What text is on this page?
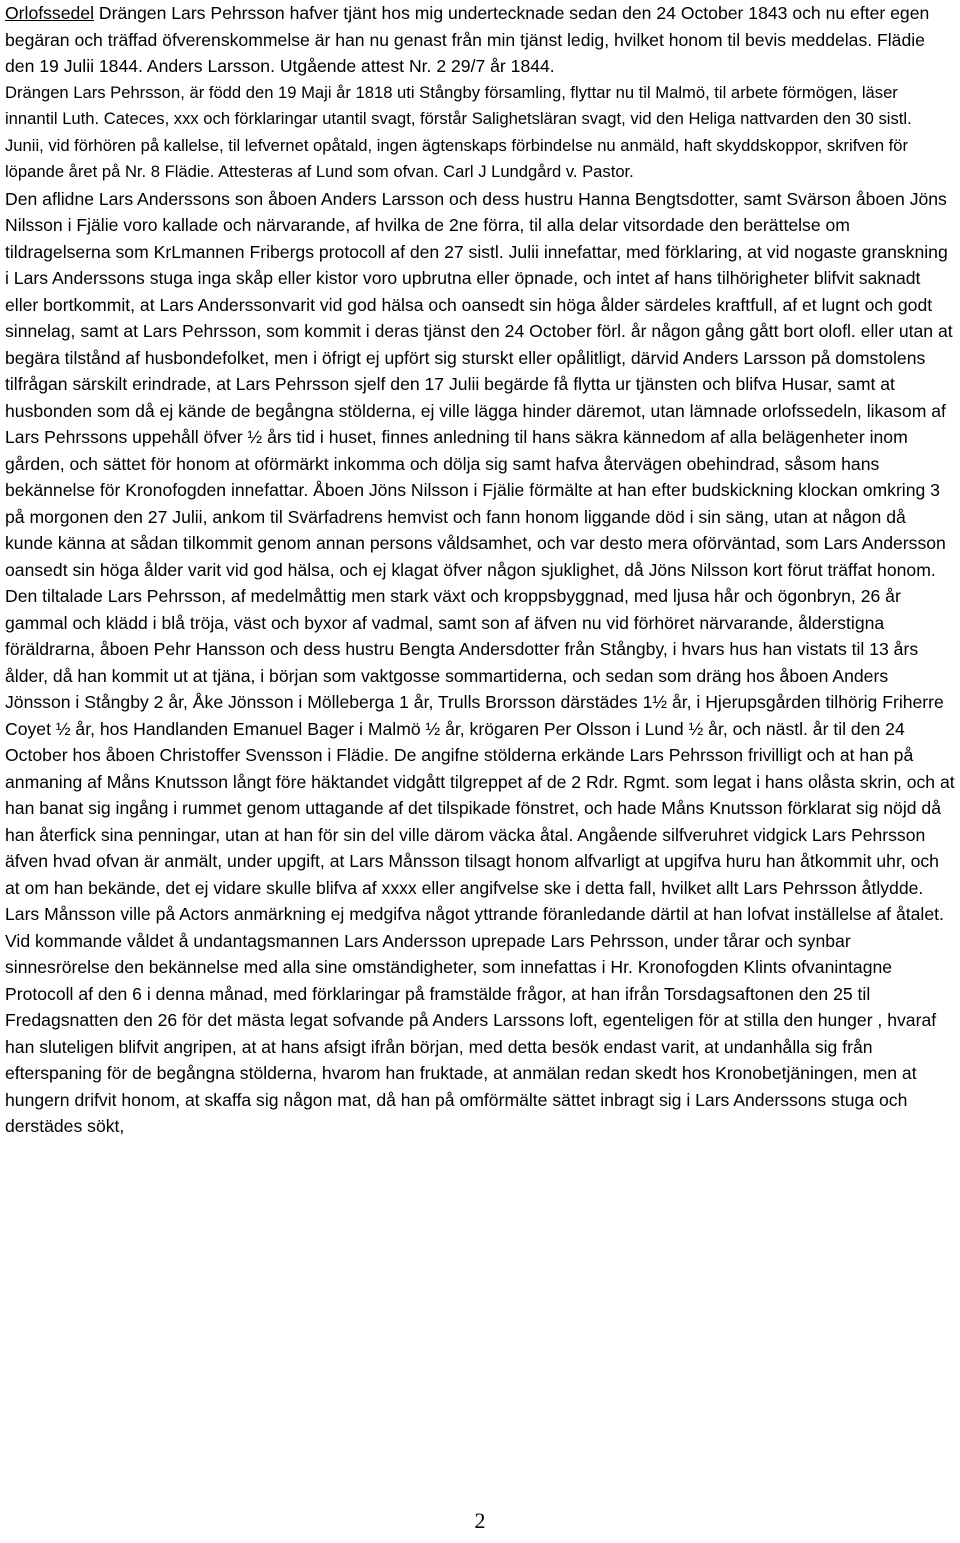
Orlofssedel Drängen Lars Pehrsson hafver tjänt hos mig undertecknade sedan den 24 October 1843 och nu efter egen begäran och träffad öfverenskommelse är han nu genast från min tjänst ledig, hvilket honom til bevis meddelas. Flädie den 19 Julii 1844. Anders Larsson. Utgående attest Nr. 2 29/7 år 1844.

Drängen Lars Pehrsson, är född den 19 Maji år 1818 uti Stångby församling, flyttar nu til Malmö, til arbete förmögen, läser innantil Luth. Cateces, xxx och förklaringar utantil svagt, förstår Salighetsläran svagt, vid den Heliga nattvarden den 30 sistl. Junii, vid förhören på kallelse, til lefvernet opåtald, ingen ägtenskaps förbindelse nu anmäld, haft skyddskoppor, skrifven för löpande året på Nr. 8 Flädie. Attesteras af Lund som ofvan. Carl J Lundgård v. Pastor.

Den aflidne Lars Anderssons son åboen Anders Larsson och dess hustru Hanna Bengtsdotter, samt Svärson åboen Jöns Nilsson i Fjälie voro kallade och närvarande, af hvilka de 2ne förra, til alla delar vitsordade den berättelse om tildragelserna som KrLmannen Fribergs protocoll af den 27 sistl. Julii innefattar, med förklaring, at vid nogaste granskning i Lars Anderssons stuga inga skåp eller kistor voro upbrutna eller öpnade, och intet af hans tilhörigheter blifvit saknadt eller bortkommit, at Lars Anderssonvarit vid god hälsa och oansedt sin höga ålder särdeles kraftfull, af et lugnt och godt sinnelag, samt at Lars Pehrsson, som kommit i deras tjänst den 24 October förl. år någon gång gått bort olofl. eller utan at begära tilstånd af husbondefolket, men i öfrigt ej upfört sig sturskt eller opålitligt, därvid Anders Larsson på domstolens tilfrågan särskilt erindrade, at Lars Pehrsson sjelf den 17 Julii begärde få flytta ur tjänsten och blifva Husar, samt at husbonden som då ej kände de begångna stölderna, ej ville lägga hinder däremot, utan lämnade orlofssedeln, likasom af Lars Pehrssons uppehåll öfver ½ års tid i huset, finnes anledning til hans säkra kännedom af alla belägenheter inom gården, och sättet för honom at oförmärkt inkomma och dölja sig samt hafva återvägen obehindrad, såsom hans bekännelse för Kronofogden innefattar. Åboen Jöns Nilsson i Fjälie förmälte at han efter budskickning klockan omkring 3 på morgonen den 27 Julii, ankom til Svärfadrens hemvist och fann honom liggande död i sin säng, utan at någon då kunde känna at sådan tilkommit genom annan persons våldsamhet, och var desto mera oförväntad, som Lars Andersson oansedt sin höga ålder varit vid god hälsa, och ej klagat öfver någon sjuklighet, då Jöns Nilsson kort förut träffat honom.

Den tiltalade Lars Pehrsson, af medelmåttig men stark växt och kroppsbyggnad, med ljusa hår och ögonbryn, 26 år gammal och klädd i blå tröja, väst och byxor af vadmal, samt son af äfven nu vid förhöret närvarande, ålderstigna föräldrarna, åboen Pehr Hansson och dess hustru Bengta Andersdotter från Stångby, i hvars hus han vistats til 13 års ålder, då han kommit ut at tjäna, i början som vaktgosse sommartiderna, och sedan som dräng hos åboen Anders Jönsson i Stångby 2 år, Åke Jönsson i Mölleberga 1 år, Trulls Brorsson därstädes 1½ år, i Hjerupsgården tilhörig Friherre Coyet ½ år, hos Handlanden Emanuel Bager i Malmö ½ år, krögaren Per Olsson i Lund ½ år, och nästl. år til den 24 October hos åboen Christoffer Svensson i Flädie. De angifne stölderna erkände Lars Pehrsson frivilligt och at han på anmaning af Måns Knutsson långt före häktandet vidgått tilgreppet af de 2 Rdr. Rgmt. som legat i hans olåsta skrin, och at han banat sig ingång i rummet genom uttagande af det tilspikade fönstret, och hade Måns Knutsson förklarat sig nöjd då han återfick sina penningar, utan at han för sin del ville därom väcka åtal. Angående silfveruhret vidgick Lars Pehrsson äfven hvad ofvan är anmält, under upgift, at Lars Månsson tilsagt honom alfvarligt at upgifva huru han åtkommit uhr, och at om han bekände, det ej vidare skulle blifva af xxxx eller angifvelse ske i detta fall, hvilket allt Lars Pehrsson åtlydde. Lars Månsson ville på Actors anmärkning ej medgifva något yttrande föranledande därtil at han lofvat inställelse af åtalet. Vid kommande våldet å undantagsmannen Lars Andersson uprepade Lars Pehrsson, under tårar och synbar sinnesrörelse den bekännelse med alla sine omständigheter, som innefattas i Hr. Kronofogden Klints ofvanintagne Protocoll af den 6 i denna månad, med förklaringar på framstälde frågor, at han ifrån Torsdagsaftonen den 25 til Fredagsnatten den 26 för det mästa legat sofvande på Anders Larssons loft, egenteligen för at stilla den hunger , hvaraf han sluteligen blifvit angripen, at at hans afsigt ifrån början, med detta besök endast varit, at undanhålla sig från efterspaning för de begångna stölderna, hvarom han fruktade, at anmälan redan skedt hos Kronobetjäningen, men at hungern drifvit honom, at skaffa sig någon mat, då han på omförmälte sättet inbragt sig i Lars Anderssons stuga och derstädes sökt,

2
